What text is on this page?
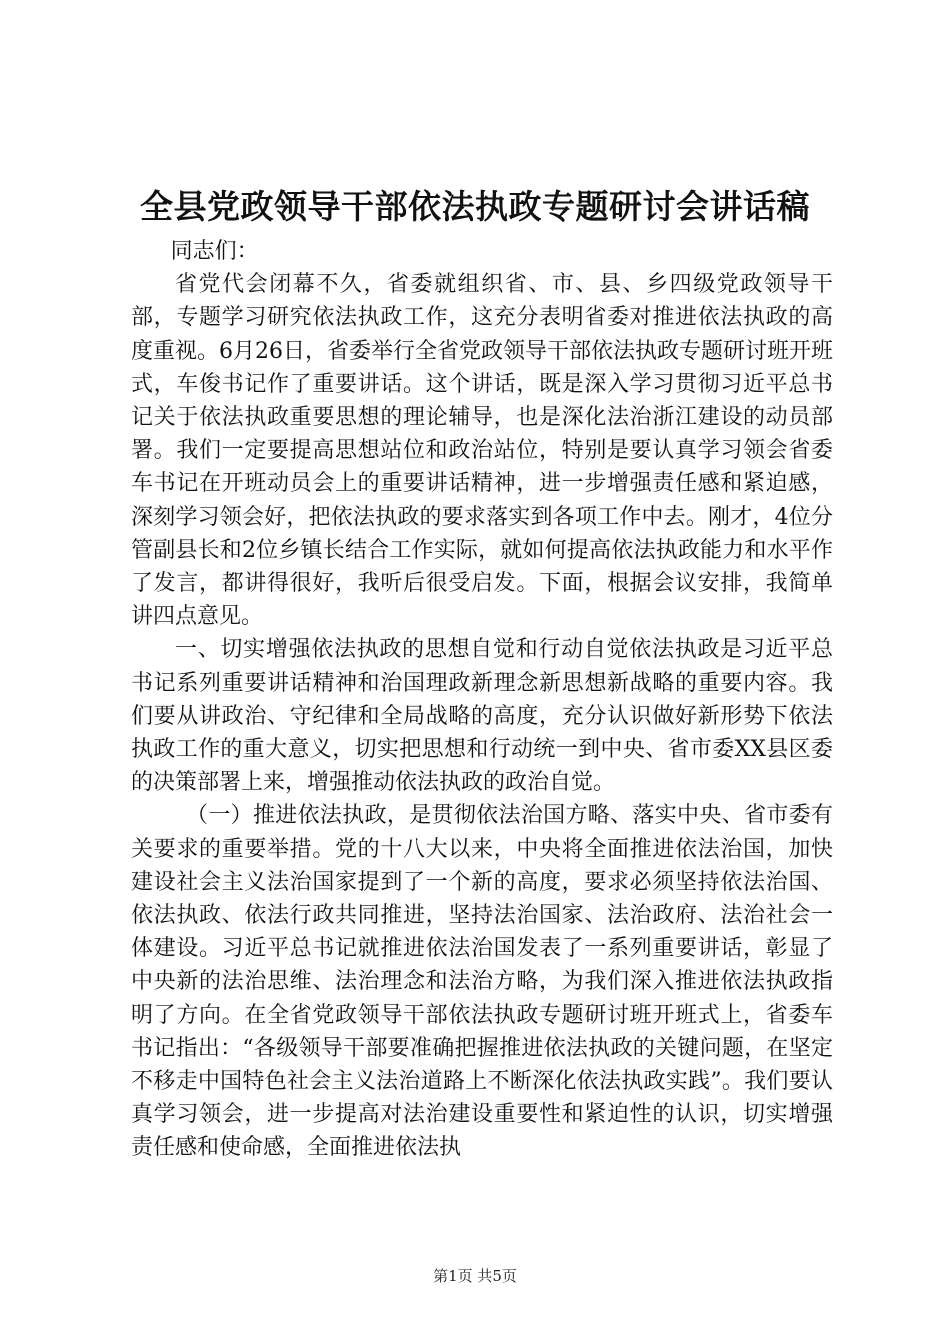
全县党政领导干部依法执政专题研讨会讲话稿

同志们：

省党代会闭幕不久，省委就组织省、市、县、乡四级党政领导干部，专题学习研究依法执政工作，这充分表明省委对推进依法执政的高度重视。6月26日，省委举行全省党政领导干部依法执政专题研讨班开班式，车俊书记作了重要讲话。这个讲话，既是深入学习贯彻习近平总书记关于依法执政重要思想的理论辅导，也是深化法治浙江建设的动员部署。我们一定要提高思想站位和政治站位，特别是要认真学习领会省委车书记在开班动员会上的重要讲话精神，进一步增强责任感和紧迫感，深刻学习领会好，把依法执政的要求落实到各项工作中去。刚才，4位分管副县长和2位乡镇长结合工作实际，就如何提高依法执政能力和水平作了发言，都讲得很好，我听后很受启发。下面，根据会议安排，我简单讲四点意见。

一、切实增强依法执政的思想自觉和行动自觉依法执政是习近平总书记系列重要讲话精神和治国理政新理念新思想新战略的重要内容。我们要从讲政治、守纪律和全局战略的高度，充分认识做好新形势下依法执政工作的重大意义，切实把思想和行动统一到中央、省市委XX县区委的决策部署上来，增强推动依法执政的政治自觉。

（一）推进依法执政，是贯彻依法治国方略、落实中央、省市委有关要求的重要举措。党的十八大以来，中央将全面推进依法治国，加快建设社会主义法治国家提到了一个新的高度，要求必须坚持依法治国、依法执政、依法行政共同推进，坚持法治国家、法治政府、法治社会一体建设。习近平总书记就推进依法治国发表了一系列重要讲话，彰显了中央新的法治思维、法治理念和法治方略，为我们深入推进依法执政指明了方向。在全省党政领导干部依法执政专题研讨班开班式上，省委车书记指出：“各级领导干部要准确把握推进依法执政的关键问题，在坚定不移走中国特色社会主义法治道路上不断深化依法执政实践”。我们要认真学习领会，进一步提高对法治建设重要性和紧迫性的认识，切实增强责任感和使命感，全面推进依法执

第1页 共5页
